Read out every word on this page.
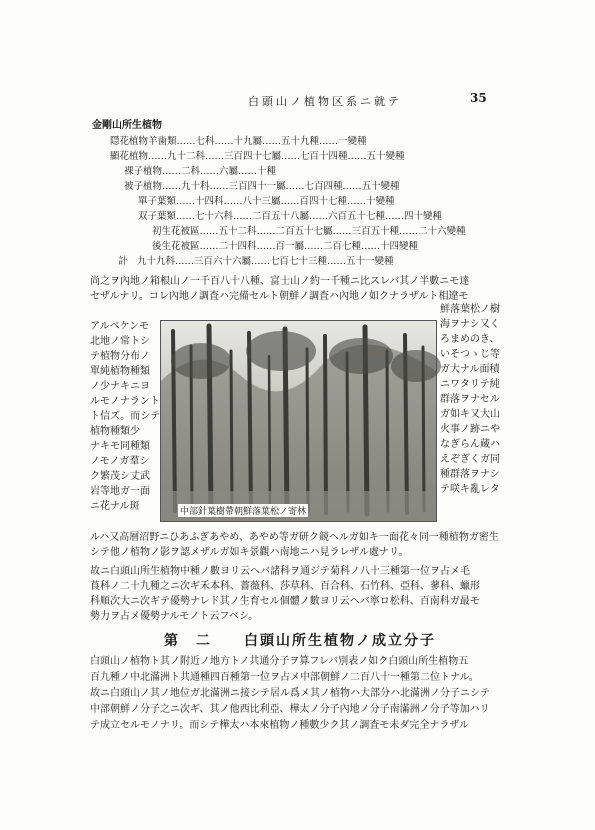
白頭山ノ植物区系ニ就テ	35
金剛山所生植物
隠花植物羊歯類……七科……十九屬……五十九種……一變種
顯花植物……九十二科……三百四十七屬……七百十四種……五十變種
裸子植物……二科……六屬……十種
被子植物……九十科……三百四十一屬……七百四種……五十變種
單子葉類……十四科……八十三屬……百四十七種……十變種
双子葉類……七十六科……二百五十八屬……六百五十七種……四十變種
初生花被區……五十二科……二百五十七屬……三百五十種……二十六變種
後生花被區……二十四科……百一屬……二百七種……十四變種
計　九十九科……三百六十六屬……七百七十三種……五十一變種
尚之ヲ內地ノ箱根山ノ一千百八十八種、富士山ノ約一千種ニ比スレバ其ノ半數ニモ達
セザルナリ。コレ內地ノ調査ハ完備セルト朝鮮ノ調査ハ內地ノ如クナラザルト相違モ
アルベケンモ
北地ノ常トシ
テ植物分布ノ
單純植物種類
ノ少ナキニヨ
ルモノナラント
ト信ズ。而シテ
植物種類少
ナキモ同種類
ノモノガ羣シ
ク繁茂シ丈武
岩等地ガ一面
ニ花ナル斑	中部針葉樹帶朝鮮落葉松ノ寄林
鮮落葉松ノ樹
海ヲナシ又く
ろまめのき、
いそつゝじ等
ガ大ナル面積
ニワタリテ純
群落ヲナセル
ガ如キ又大山
火事ノ跡ニや
なぎらん蔵ハ
えぞぎくガ同
種群落ヲナシ
テ咲キ亂レタ
ルハ又高層沼野ニひあふぎあやめ、あやめ等ガ研ク競ヘルガ如キ一面花々同一種植物ガ密生
シテ他ノ植物ノ影ヲ認メザルガ如キ景觀ハ南地ニハ見ラレザル處ナリ。
故ニ白頭山所生植物中種ノ數ヨリ云ヘバ諸科ヲ通ジテ菊科ノ八十三種第一位ヲ占メ毛
莨科ノ二十九種之ニ次ギ禾本科、薔薇科、莎草科、百合科、石竹科、亞科、蓼科、蠟形
科順次大ニ次ギテ優勢ナレド其ノ生育セル個體ノ數ヨリ云ヘバ寧ロ松科、百南科ガ最モ
勢力ヲ占メ優勢ナルモノト云フベシ。
第　二　　白頭山所生植物ノ成立分子
白頭山ノ植物ト其ノ附近ノ地方トノ共通分子ヲ算フレバ別表ノ如ク白頭山所生植物五
百九種ノ中北滿洲ト共通種四百種第一位ヲ占メ中部朝鮮ノ二百八十一種第二位トナル。
故ニ白頭山ノ其ノ地位ガ北滿洲ニ接シテ居ル爲メ其ノ植物ハ大部分ハ北滿洲ノ分子ニシテ
中部朝鮮ノ分子之ニ次ギ、其ノ他西比利亞、樺太ノ分子內地ノ分子南滿洲ノ分子等加ハリ
テ成立セルモノナリ。而シテ樺太ハ本來植物ノ種數少ク其ノ調査モ未ダ完全ナラザル
